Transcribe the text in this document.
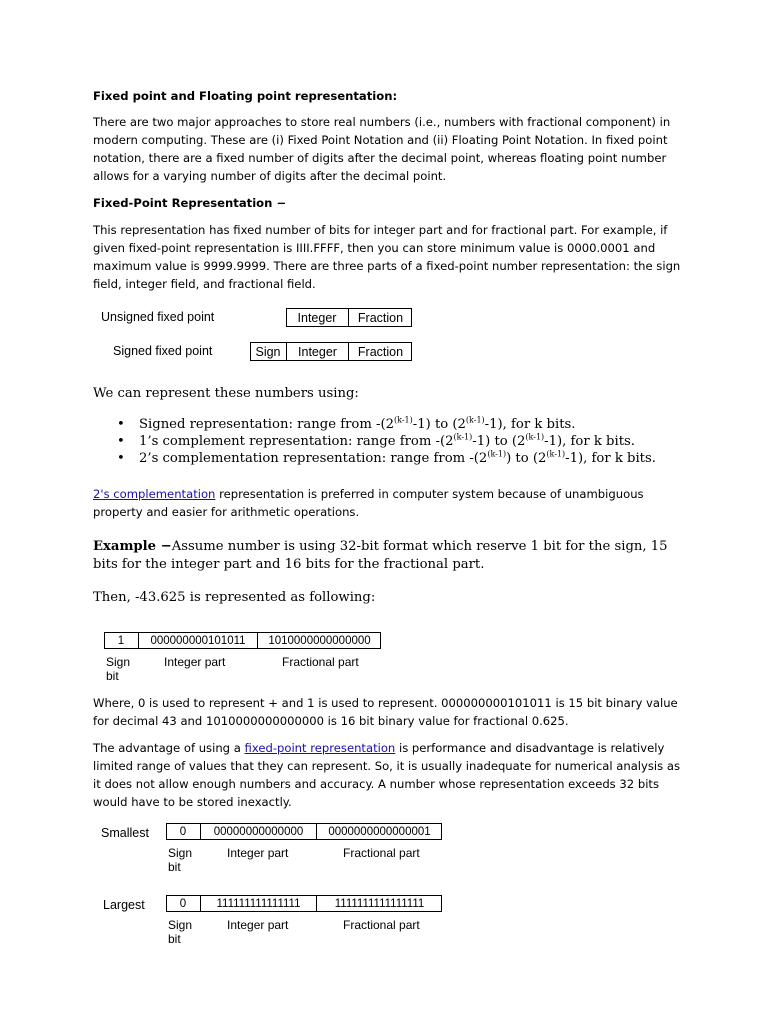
Fixed point and Floating point representation:
There are two major approaches to store real numbers (i.e., numbers with fractional component) in modern computing. These are (i) Fixed Point Notation and (ii) Floating Point Notation. In fixed point notation, there are a fixed number of digits after the decimal point, whereas floating point number allows for a varying number of digits after the decimal point.
Fixed-Point Representation −
This representation has fixed number of bits for integer part and for fractional part. For example, if given fixed-point representation is IIII.FFFF, then you can store minimum value is 0000.0001 and maximum value is 9999.9999. There are three parts of a fixed-point number representation: the sign field, integer field, and fractional field.
Unsigned fixed point	Integer	Fraction
Signed fixed point	Sign	Integer	Fraction
We can represent these numbers using:
• Signed representation: range from -(2$^{(k-1)}$-1) to (2$^{(k-1)}$-1), for k bits.
• 1’s complement representation: range from -(2$^{(k-1)}$-1) to (2$^{(k-1)}$-1), for k bits.
• 2’s complementation representation: range from -(2$^{(k-1)}$) to (2$^{(k-1)}$-1), for k bits.
2's complementation representation is preferred in computer system because of unambiguous property and easier for arithmetic operations.
Example −Assume number is using 32-bit format which reserve 1 bit for the sign, 15 bits for the integer part and 16 bits for the fractional part.
Then, -43.625 is represented as following:
1	000000000101011	1010000000000000
Sign
bit
Integer part	Fractional part
Where, 0 is used to represent + and 1 is used to represent. 000000000101011 is 15 bit binary value for decimal 43 and 1010000000000000 is 16 bit binary value for fractional 0.625.
The advantage of using a fixed-point representation is performance and disadvantage is relatively limited range of values that they can represent. So, it is usually inadequate for numerical analysis as it does not allow enough numbers and accuracy. A number whose representation exceeds 32 bits would have to be stored inexactly.
Smallest	0	00000000000000	0000000000000001
Sign
bit
Integer part	Fractional part
Largest	0	111111111111111	1111111111111111
Sign
bit
Integer part	Fractional part
